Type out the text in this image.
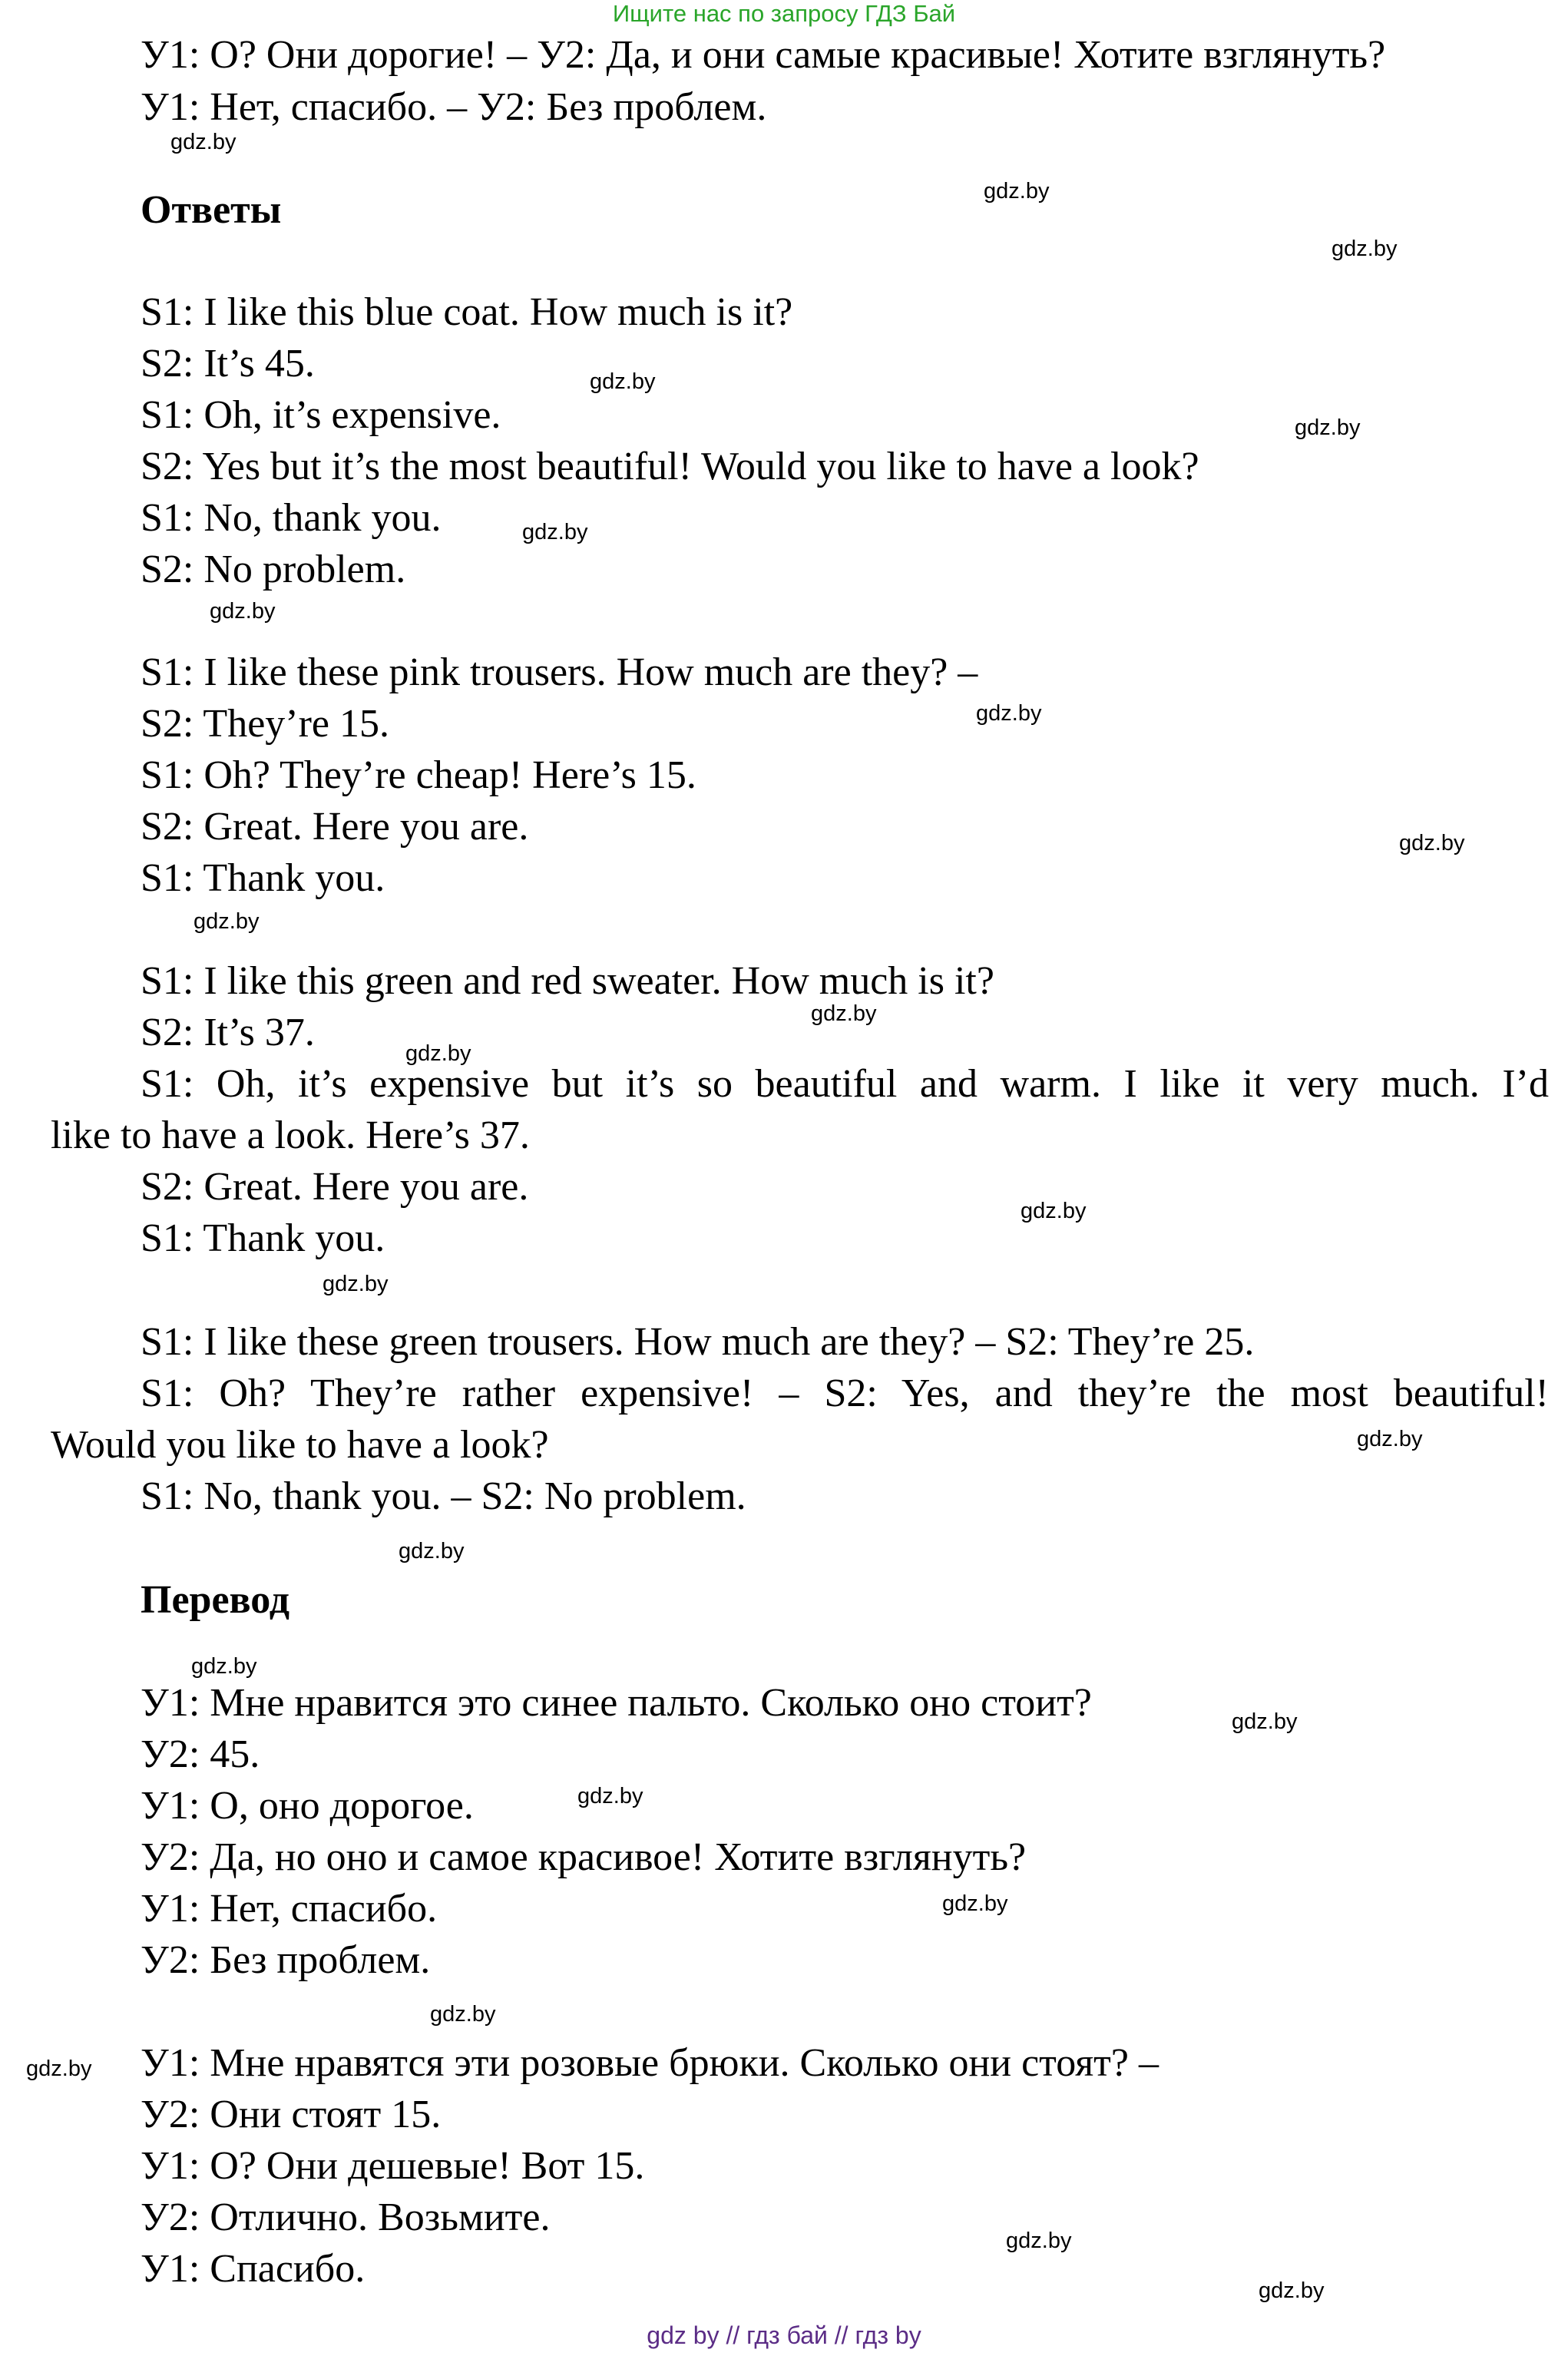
Ищите нас по запросу ГДЗ Бай
У1: О? Они дорогие! – У2: Да, и они самые красивые! Хотите взглянуть?
У1: Нет, спасибо. – У2: Без проблем.
Ответы
S1: I like this blue coat. How much is it?
S2: It’s 45.
S1: Oh, it’s expensive.
S2: Yes but it’s the most beautiful! Would you like to have a look?
S1: No, thank you.
S2: No problem.
S1: I like these pink trousers. How much are they? –
S2: They’re 15.
S1: Oh? They’re cheap! Here’s 15.
S2: Great. Here you are.
S1: Thank you.
S1: I like this green and red sweater. How much is it?
S2: It’s 37.
S1: Oh, it’s expensive but it’s so beautiful and warm. I like it very much. I’d
like to have a look. Here’s 37.
S2: Great. Here you are.
S1: Thank you.
S1: I like these green trousers. How much are they? – S2: They’re 25.
S1: Oh? They’re rather expensive! – S2: Yes, and they’re the most beautiful!
Would you like to have a look?
S1: No, thank you. – S2: No problem.
Перевод
У1: Мне нравится это синее пальто. Сколько оно стоит?
У2: 45.
У1: О, оно дорогое.
У2: Да, но оно и самое красивое! Хотите взглянуть?
У1: Нет, спасибо.
У2: Без проблем.
У1: Мне нравятся эти розовые брюки. Сколько они стоят? –
У2: Они стоят 15.
У1: О? Они дешевые! Вот 15.
У2: Отлично. Возьмите.
У1: Спасибо.
gdz.by
gdz.by
gdz.by
gdz.by
gdz.by
gdz.by
gdz.by
gdz.by
gdz.by
gdz.by
gdz.by
gdz.by
gdz.by
gdz.by
gdz.by
gdz.by
gdz.by
gdz.by
gdz.by
gdz.by
gdz.by
gdz.by
gdz.by
gdz.by
gdz by // гдз бай // гдз by
